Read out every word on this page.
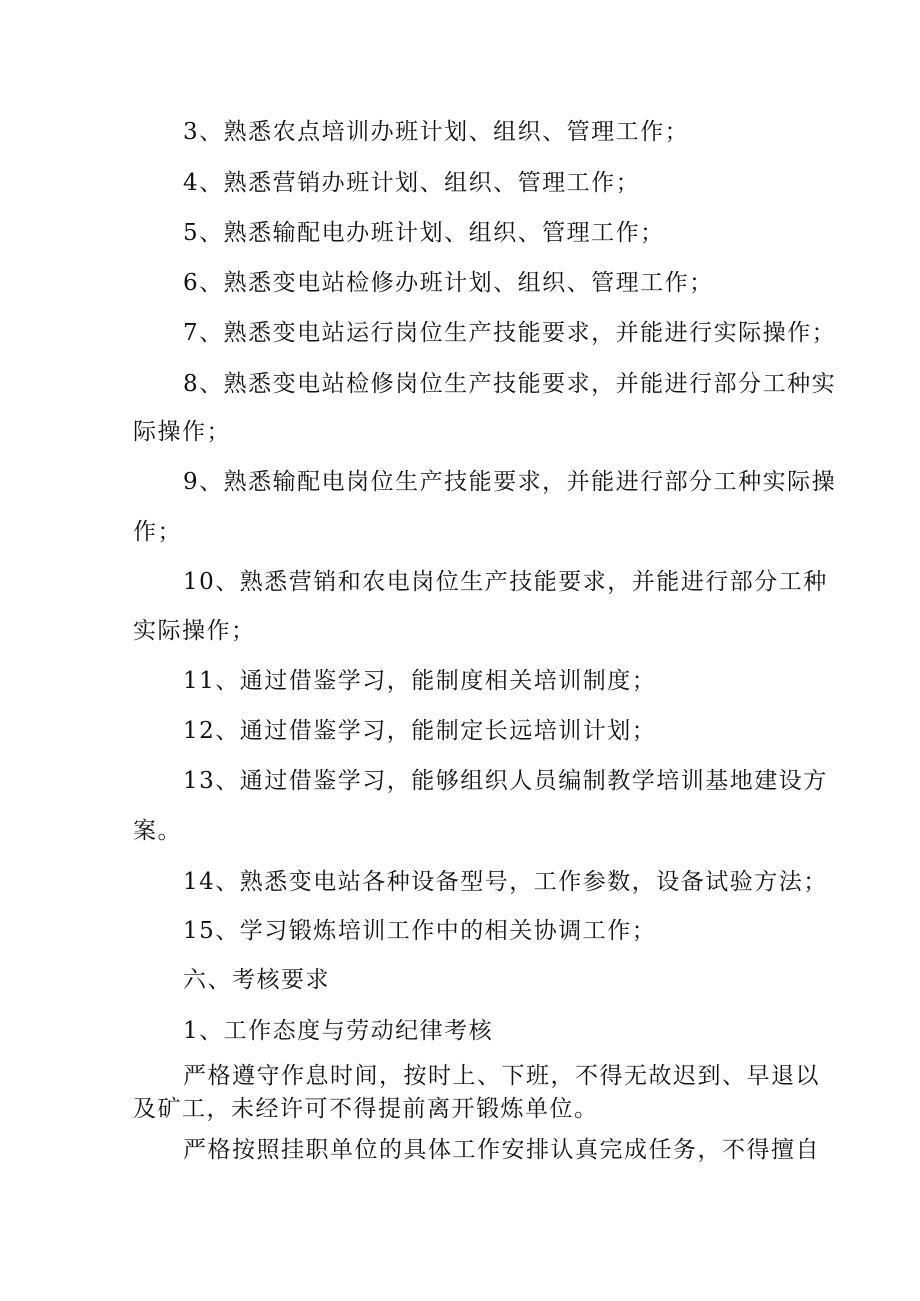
3、熟悉农点培训办班计划、组织、管理工作；
4、熟悉营销办班计划、组织、管理工作；
5、熟悉输配电办班计划、组织、管理工作；
6、熟悉变电站检修办班计划、组织、管理工作；
7、熟悉变电站运行岗位生产技能要求，并能进行实际操作；
8、熟悉变电站检修岗位生产技能要求，并能进行部分工种实
际操作；
9、熟悉输配电岗位生产技能要求，并能进行部分工种实际操
作；
10、熟悉营销和农电岗位生产技能要求，并能进行部分工种
实际操作；
11、通过借鉴学习，能制度相关培训制度；
12、通过借鉴学习，能制定长远培训计划；
13、通过借鉴学习，能够组织人员编制教学培训基地建设方
案。
14、熟悉变电站各种设备型号，工作参数，设备试验方法；
15、学习锻炼培训工作中的相关协调工作；
六、考核要求
1、工作态度与劳动纪律考核
严格遵守作息时间，按时上、下班，不得无故迟到、早退以
及矿工，未经许可不得提前离开锻炼单位。
严格按照挂职单位的具体工作安排认真完成任务，不得擅自
